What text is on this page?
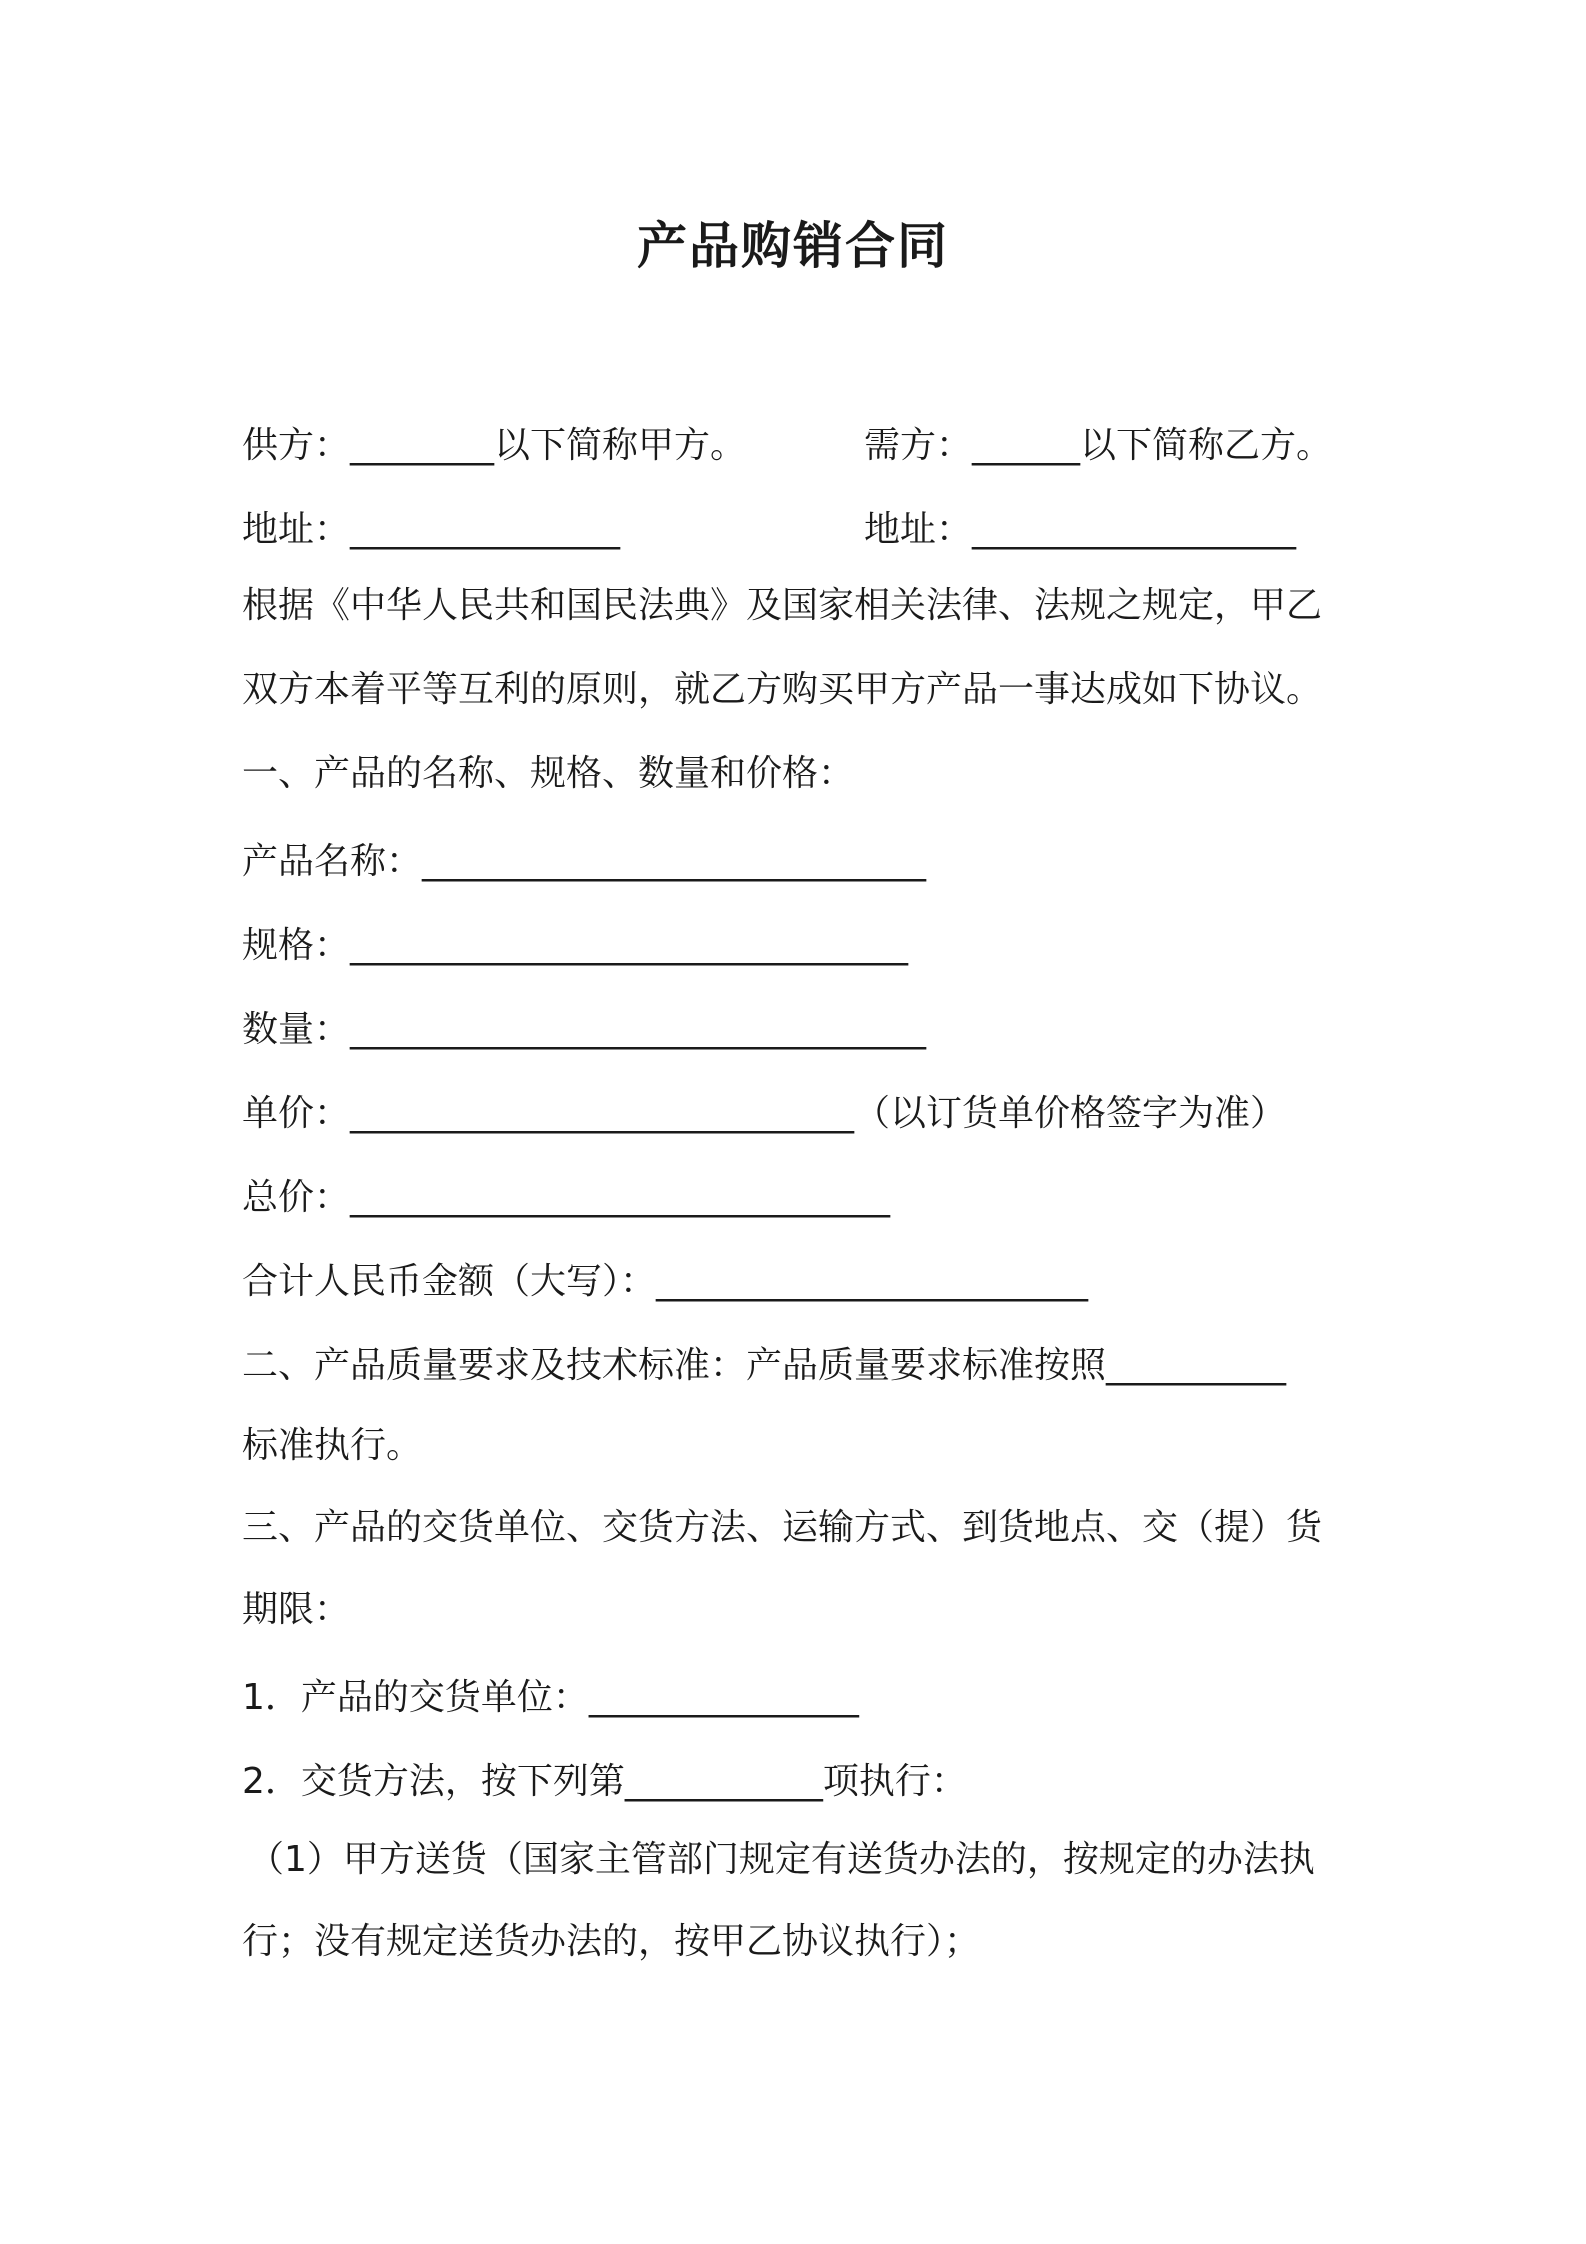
产品购销合同
供方：________以下简称甲方。	需方：______以下简称乙方。
地址：_______________	地址：__________________
根据《中华人民共和国民法典》及国家相关法律、法规之规定，甲乙
双方本着平等互利的原则，就乙方购买甲方产品一事达成如下协议。
一、产品的名称、规格、数量和价格：
产品名称：____________________________
规格：_______________________________
数量：________________________________
单价：____________________________（以订货单价格签字为准）
总价：______________________________
合计人民币金额（大写）：________________________
二、产品质量要求及技术标准：产品质量要求标准按照__________
标准执行。
三、产品的交货单位、交货方法、运输方式、到货地点、交（提）货
期限：
1．产品的交货单位：_______________
2．交货方法，按下列第___________项执行：
（1）甲方送货（国家主管部门规定有送货办法的，按规定的办法执
行；没有规定送货办法的，按甲乙协议执行）；
